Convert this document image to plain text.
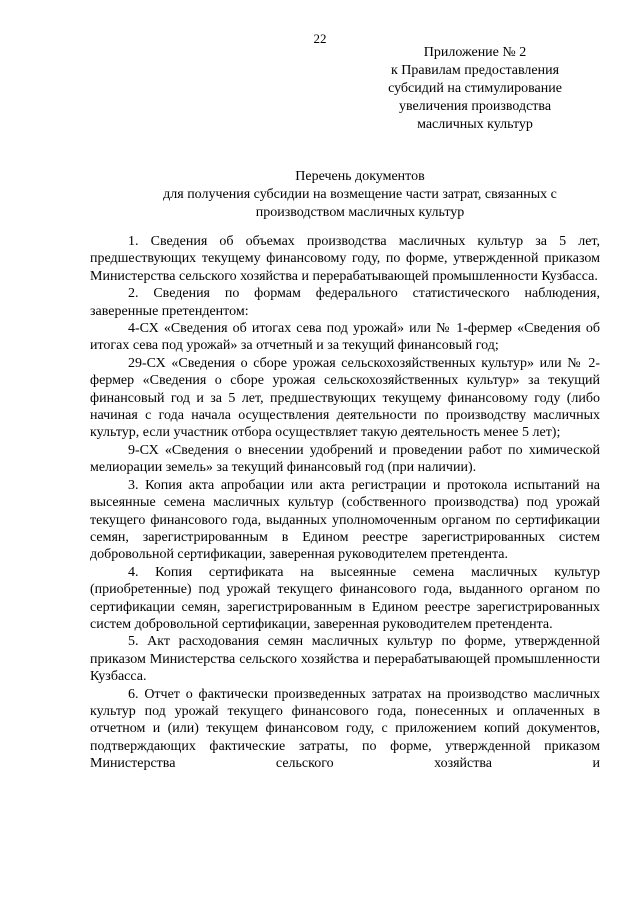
22
Приложение № 2
к Правилам предоставления
субсидий на стимулирование
увеличения производства
масличных культур
Перечень документов
для получения субсидии на возмещение части затрат, связанных с
производством масличных культур

1. Сведения об объемах производства масличных культур за 5 лет, предшествующих текущему финансовому году, по форме, утвержденной приказом Министерства сельского хозяйства и перерабатывающей промышленности Кузбасса.

2. Сведения по формам федерального статистического наблюдения, заверенные претендентом:

4-СХ «Сведения об итогах сева под урожай» или № 1-фермер «Сведения об итогах сева под урожай» за отчетный и за текущий финансовый год;

29-СХ «Сведения о сборе урожая сельскохозяйственных культур» или № 2-фермер «Сведения о сборе урожая сельскохозяйственных культур» за текущий финансовый год и за 5 лет, предшествующих текущему финансовому году (либо начиная с года начала осуществления деятельности по производству масличных культур, если участник отбора осуществляет такую деятельность менее 5 лет);

9-СХ «Сведения о внесении удобрений и проведении работ по химической мелиорации земель» за текущий финансовый год (при наличии).

3. Копия акта апробации или акта регистрации и протокола испытаний на высеянные семена масличных культур (собственного производства) под урожай текущего финансового года, выданных уполномоченным органом по сертификации семян, зарегистрированным в Едином реестре зарегистрированных систем добровольной сертификации, заверенная руководителем претендента.

4. Копия сертификата на высеянные семена масличных культур (приобретенные) под урожай текущего финансового года, выданного органом по сертификации семян, зарегистрированным в Едином реестре зарегистрированных систем добровольной сертификации, заверенная руководителем претендента.

5. Акт расходования семян масличных культур по форме, утвержденной приказом Министерства сельского хозяйства и перерабатывающей промышленности Кузбасса.

6. Отчет о фактически произведенных затратах на производство масличных культур под урожай текущего финансового года, понесенных и оплаченных в отчетном и (или) текущем финансовом году, с приложением копий документов, подтверждающих фактические затраты, по форме, утвержденной приказом Министерства сельского хозяйства и
